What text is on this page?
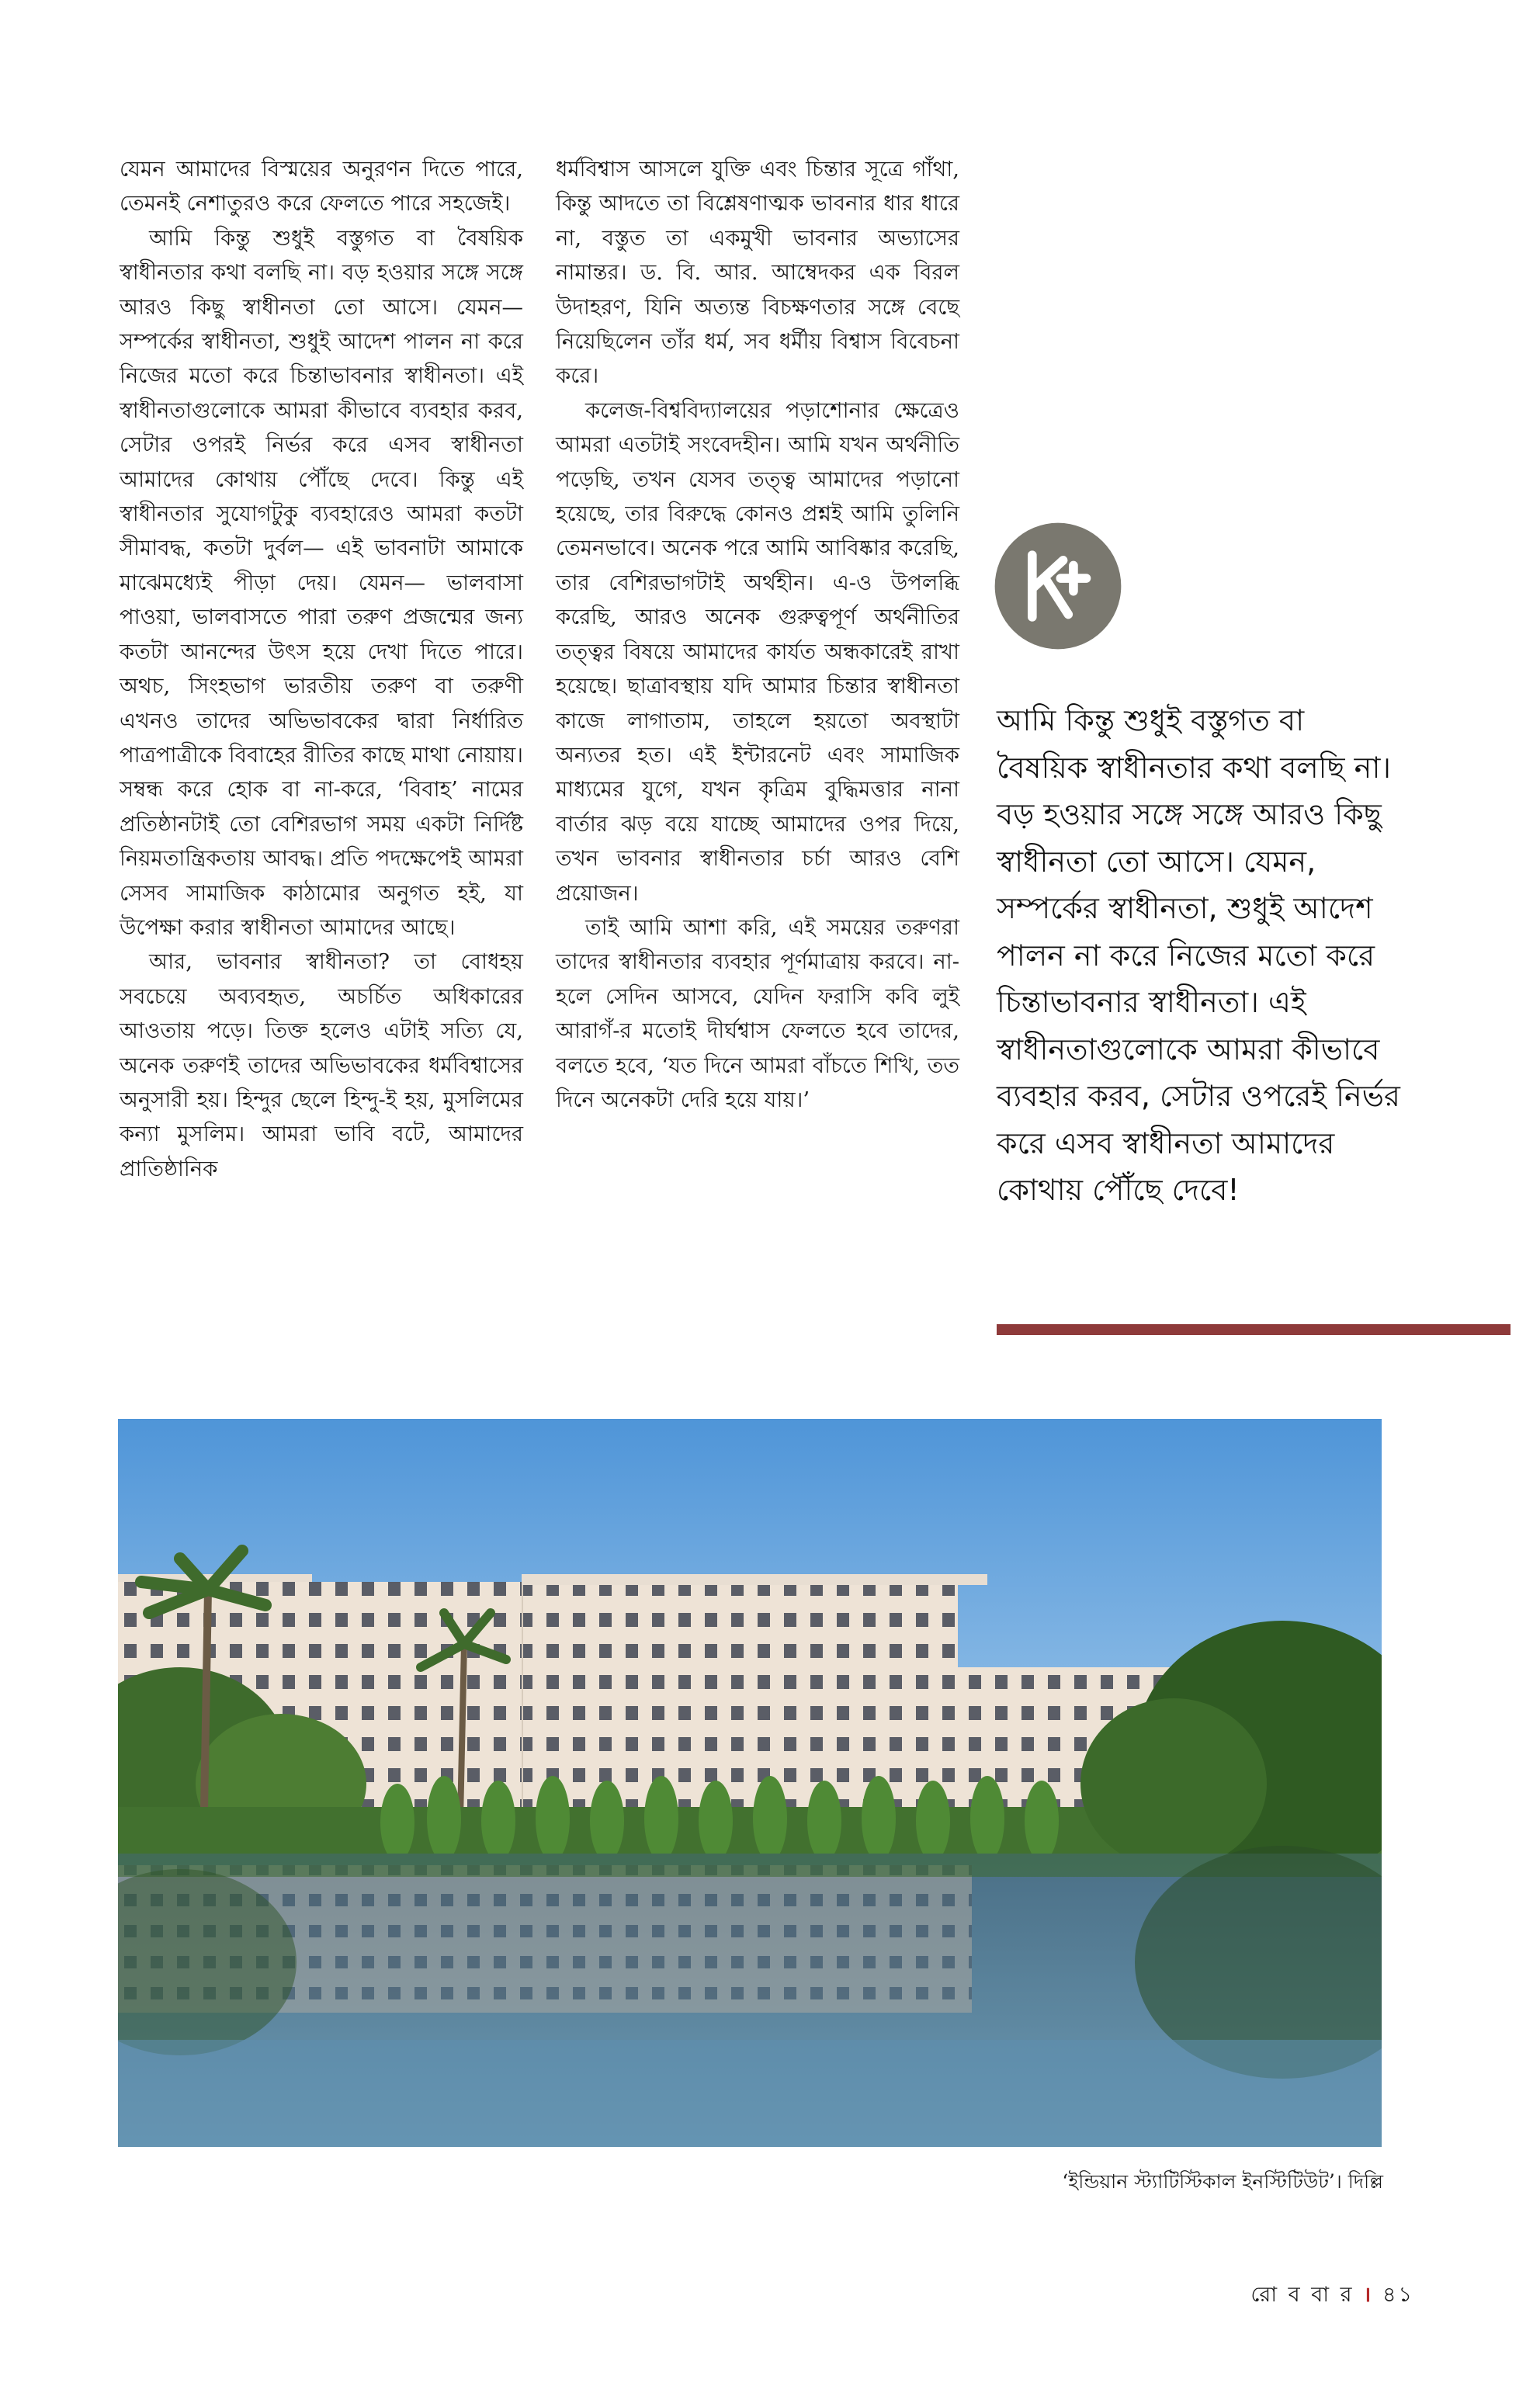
যেমন আমাদের বিস্ময়ের অনুরণন দিতে পারে, তেমনই নেশাতুরও করে ফেলতে পারে সহজেই।

আমি কিন্তু শুধুই বস্তুগত বা বৈষয়িক স্বাধীনতার কথা বলছি না। বড় হওয়ার সঙ্গে সঙ্গে আরও কিছু স্বাধীনতা তো আসে। যেমন— সম্পর্কের স্বাধীনতা, শুধুই আদেশ পালন না করে নিজের মতো করে চিন্তাভাবনার স্বাধীনতা। এই স্বাধীনতাগুলোকে আমরা কীভাবে ব্যবহার করব, সেটার ওপরই নির্ভর করে এসব স্বাধীনতা আমাদের কোথায় পৌঁছে দেবে। কিন্তু এই স্বাধীনতার সুযোগটুকু ব্যবহারেও আমরা কতটা সীমাবদ্ধ, কতটা দুর্বল— এই ভাবনাটা আমাকে মাঝেমধ্যেই পীড়া দেয়। যেমন— ভালবাসা পাওয়া, ভালবাসতে পারা তরুণ প্রজন্মের জন্য কতটা আনন্দের উৎস হয়ে দেখা দিতে পারে। অথচ, সিংহভাগ ভারতীয় তরুণ বা তরুণী এখনও তাদের অভিভাবকের দ্বারা নির্ধারিত পাত্রপাত্রীকে বিবাহের রীতির কাছে মাথা নোয়ায়। সম্বন্ধ করে হোক বা না-করে, ‘বিবাহ’ নামের প্রতিষ্ঠানটাই তো বেশিরভাগ সময় একটা নির্দিষ্ট নিয়মতান্ত্রিকতায় আবদ্ধ। প্রতি পদক্ষেপেই আমরা সেসব সামাজিক কাঠামোর অনুগত হই, যা উপেক্ষা করার স্বাধীনতা আমাদের আছে।

আর, ভাবনার স্বাধীনতা? তা বোধহয় সবচেয়ে অব্যবহৃত, অচর্চিত অধিকারের আওতায় পড়ে। তিক্ত হলেও এটাই সত্যি যে, অনেক তরুণই তাদের অভিভাবকের ধর্মবিশ্বাসের অনুসারী হয়। হিন্দুর ছেলে হিন্দু-ই হয়, মুসলিমের কন্যা মুসলিম। আমরা ভাবি বটে, আমাদের প্রাতিষ্ঠানিক

ধর্মবিশ্বাস আসলে যুক্তি এবং চিন্তার সূত্রে গাঁথা, কিন্তু আদতে তা বিশ্লেষণাত্মক ভাবনার ধার ধারে না, বস্তুত তা একমুখী ভাবনার অভ্যাসের নামান্তর। ড. বি. আর. আম্বেদকর এক বিরল উদাহরণ, যিনি অত্যন্ত বিচক্ষণতার সঙ্গে বেছে নিয়েছিলেন তাঁর ধর্ম, সব ধর্মীয় বিশ্বাস বিবেচনা করে।

কলেজ-বিশ্ববিদ্যালয়ের পড়াশোনার ক্ষেত্রেও আমরা এতটাই সংবেদহীন। আমি যখন অর্থনীতি পড়েছি, তখন যেসব তত্ত্ব আমাদের পড়ানো হয়েছে, তার বিরুদ্ধে কোনও প্রশ্নই আমি তুলিনি তেমনভাবে। অনেক পরে আমি আবিষ্কার করেছি, তার বেশিরভাগটাই অর্থহীন। এ-ও উপলব্ধি করেছি, আরও অনেক গুরুত্বপূর্ণ অর্থনীতির তত্ত্বর বিষয়ে আমাদের কার্যত অন্ধকারেই রাখা হয়েছে। ছাত্রাবস্থায় যদি আমার চিন্তার স্বাধীনতা কাজে লাগাতাম, তাহলে হয়তো অবস্থাটা অন্যতর হত। এই ইন্টারনেট এবং সামাজিক মাধ্যমের যুগে, যখন কৃত্রিম বুদ্ধিমত্তার নানা বার্তার ঝড় বয়ে যাচ্ছে আমাদের ওপর দিয়ে, তখন ভাবনার স্বাধীনতার চর্চা আরও বেশি প্রয়োজন।

তাই আমি আশা করি, এই সময়ের তরুণরা তাদের স্বাধীনতার ব্যবহার পূর্ণমাত্রায় করবে। না-হলে সেদিন আসবে, যেদিন ফরাসি কবি লুই আরাগঁ-র মতোই দীর্ঘশ্বাস ফেলতে হবে তাদের, বলতে হবে, ‘যত দিনে আমরা বাঁচতে শিখি, তত দিনে অনেকটা দেরি হয়ে যায়।’

আমি কিন্তু শুধুই বস্তুগত বা বৈষয়িক স্বাধীনতার কথা বলছি না। বড় হওয়ার সঙ্গে সঙ্গে আরও কিছু স্বাধীনতা তো আসে। যেমন, সম্পর্কের স্বাধীনতা, শুধুই আদেশ পালন না করে নিজের মতো করে চিন্তাভাবনার স্বাধীনতা। এই স্বাধীনতাগুলোকে আমরা কীভাবে ব্যবহার করব, সেটার ওপরেই নির্ভর করে এসব স্বাধীনতা আমাদের কোথায় পৌঁছে দেবে!
‘ইন্ডিয়ান স্ট্যাটিস্টিকাল ইনস্টিটিউট’। দিল্লি
রো ব বা র । ৪১
